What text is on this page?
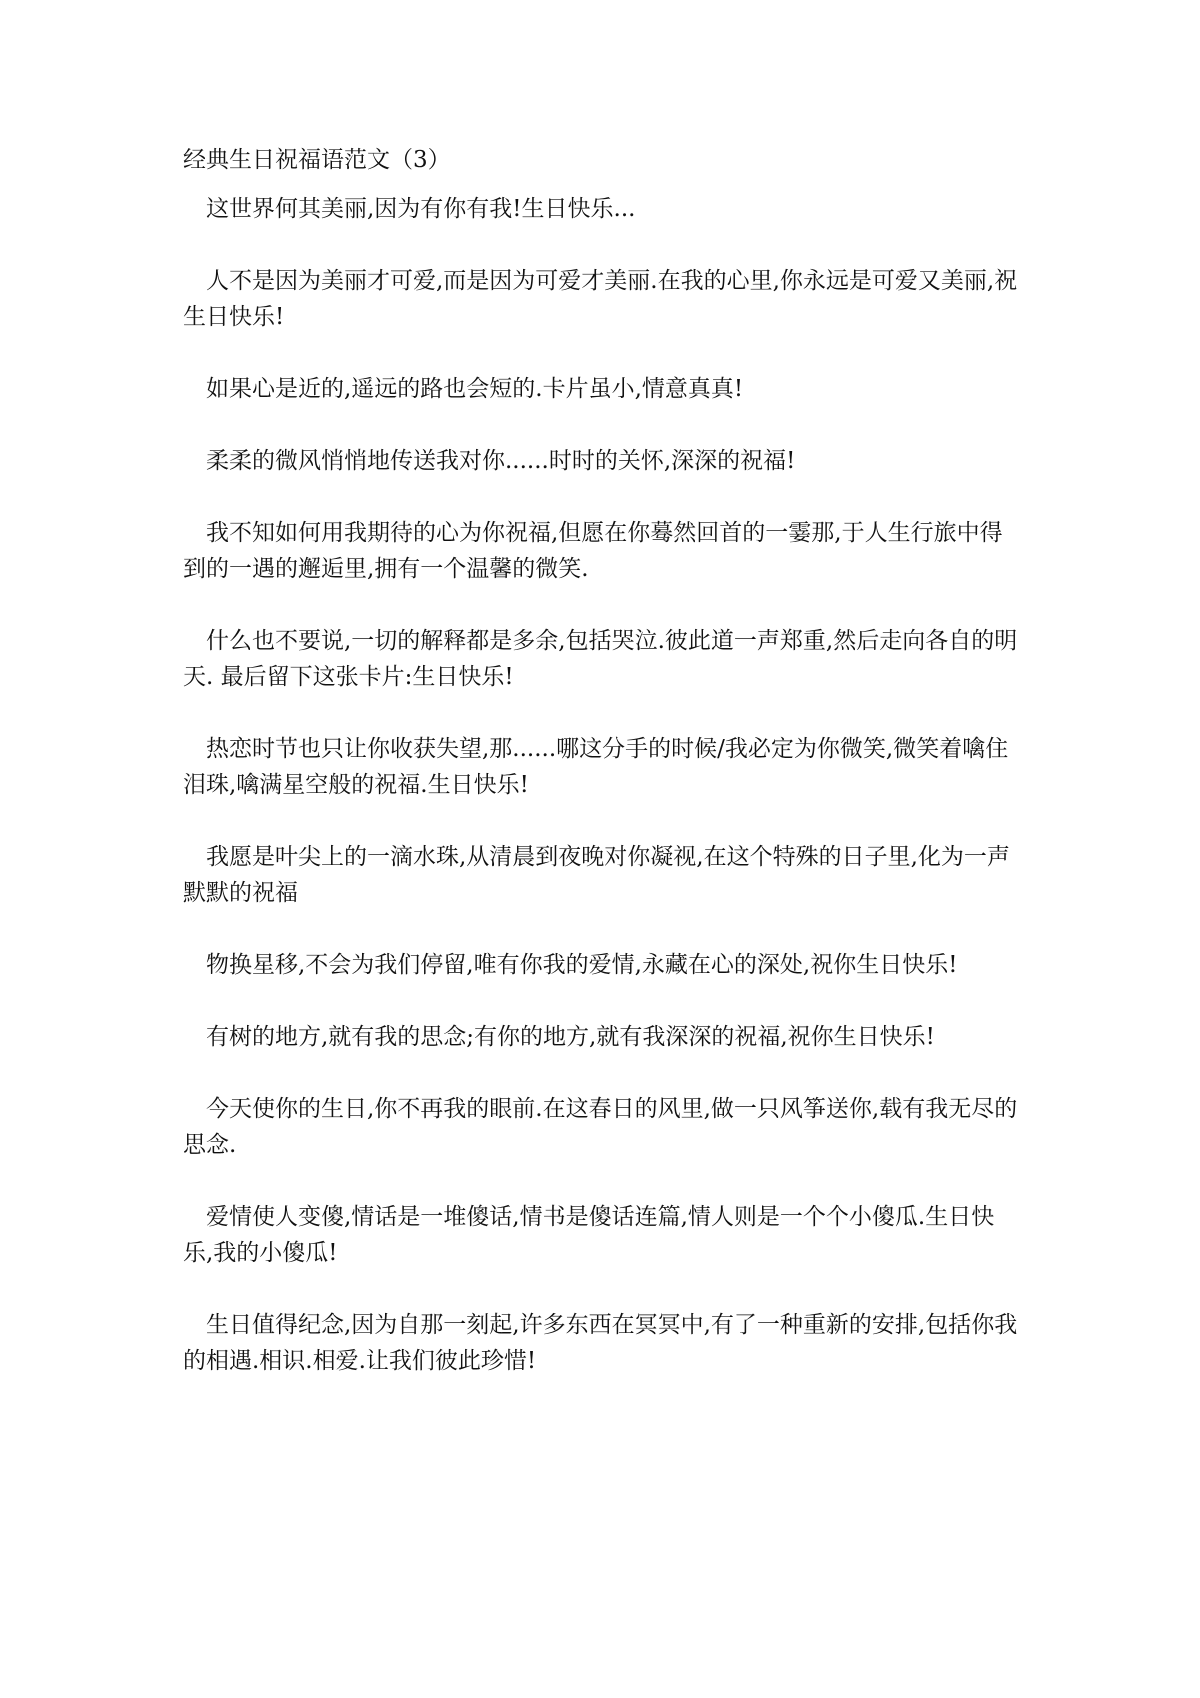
经典生日祝福语范文（3）

这世界何其美丽,因为有你有我!生日快乐...

人不是因为美丽才可爱,而是因为可爱才美丽.在我的心里,你永远是可爱又美丽,祝生日快乐!

如果心是近的,遥远的路也会短的.卡片虽小,情意真真!

柔柔的微风悄悄地传送我对你......时时的关怀,深深的祝福!

我不知如何用我期待的心为你祝福,但愿在你蓦然回首的一霎那,于人生行旅中得到的一遇的邂逅里,拥有一个温馨的微笑.

什么也不要说,一切的解释都是多余,包括哭泣.彼此道一声郑重,然后走向各自的明天. 最后留下这张卡片:生日快乐!

热恋时节也只让你收获失望,那......哪这分手的时候/我必定为你微笑,微笑着噙住泪珠,噙满星空般的祝福.生日快乐!

我愿是叶尖上的一滴水珠,从清晨到夜晚对你凝视,在这个特殊的日子里,化为一声默默的祝福

物换星移,不会为我们停留,唯有你我的爱情,永藏在心的深处,祝你生日快乐!

有树的地方,就有我的思念;有你的地方,就有我深深的祝福,祝你生日快乐!

今天使你的生日,你不再我的眼前.在这春日的风里,做一只风筝送你,载有我无尽的思念.

爱情使人变傻,情话是一堆傻话,情书是傻话连篇,情人则是一个个小傻瓜.生日快乐,我的小傻瓜!

生日值得纪念,因为自那一刻起,许多东西在冥冥中,有了一种重新的安排,包括你我的相遇.相识.相爱.让我们彼此珍惜!
